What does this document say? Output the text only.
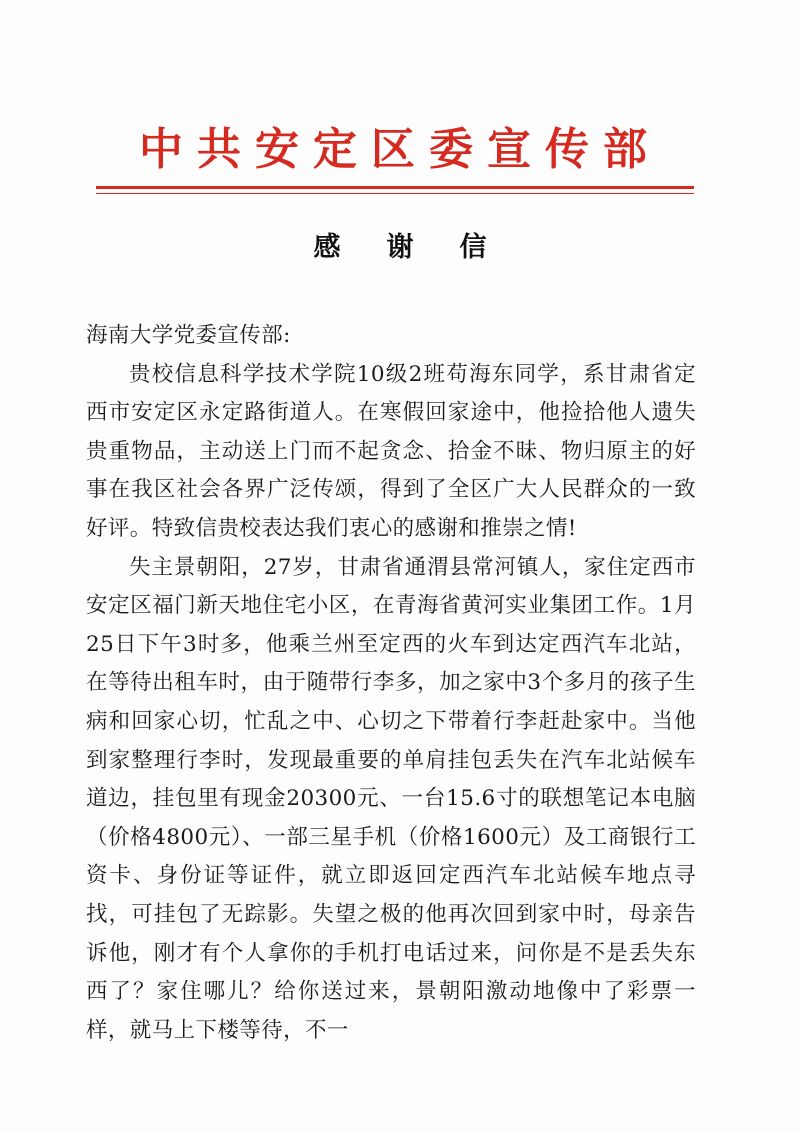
中共安定区委宣传部
感谢信

海南大学党委宣传部:

贵校信息科学技术学院10级2班苟海东同学，系甘肃省定西市安定区永定路街道人。在寒假回家途中，他捡拾他人遗失贵重物品，主动送上门而不起贪念、拾金不昧、物归原主的好事在我区社会各界广泛传颂，得到了全区广大人民群众的一致好评。特致信贵校表达我们衷心的感谢和推崇之情!

失主景朝阳，27岁，甘肃省通渭县常河镇人，家住定西市安定区福门新天地住宅小区，在青海省黄河实业集团工作。1月25日下午3时多，他乘兰州至定西的火车到达定西汽车北站，在等待出租车时，由于随带行李多，加之家中3个多月的孩子生病和回家心切，忙乱之中、心切之下带着行李赶赴家中。当他到家整理行李时，发现最重要的单肩挂包丢失在汽车北站候车道边，挂包里有现金20300元、一台15.6寸的联想笔记本电脑（价格4800元）、一部三星手机（价格1600元）及工商银行工资卡、身份证等证件，就立即返回定西汽车北站候车地点寻找，可挂包了无踪影。失望之极的他再次回到家中时，母亲告诉他，刚才有个人拿你的手机打电话过来，问你是不是丢失东西了？家住哪儿？给你送过来，景朝阳激动地像中了彩票一样，就马上下楼等待，不一
